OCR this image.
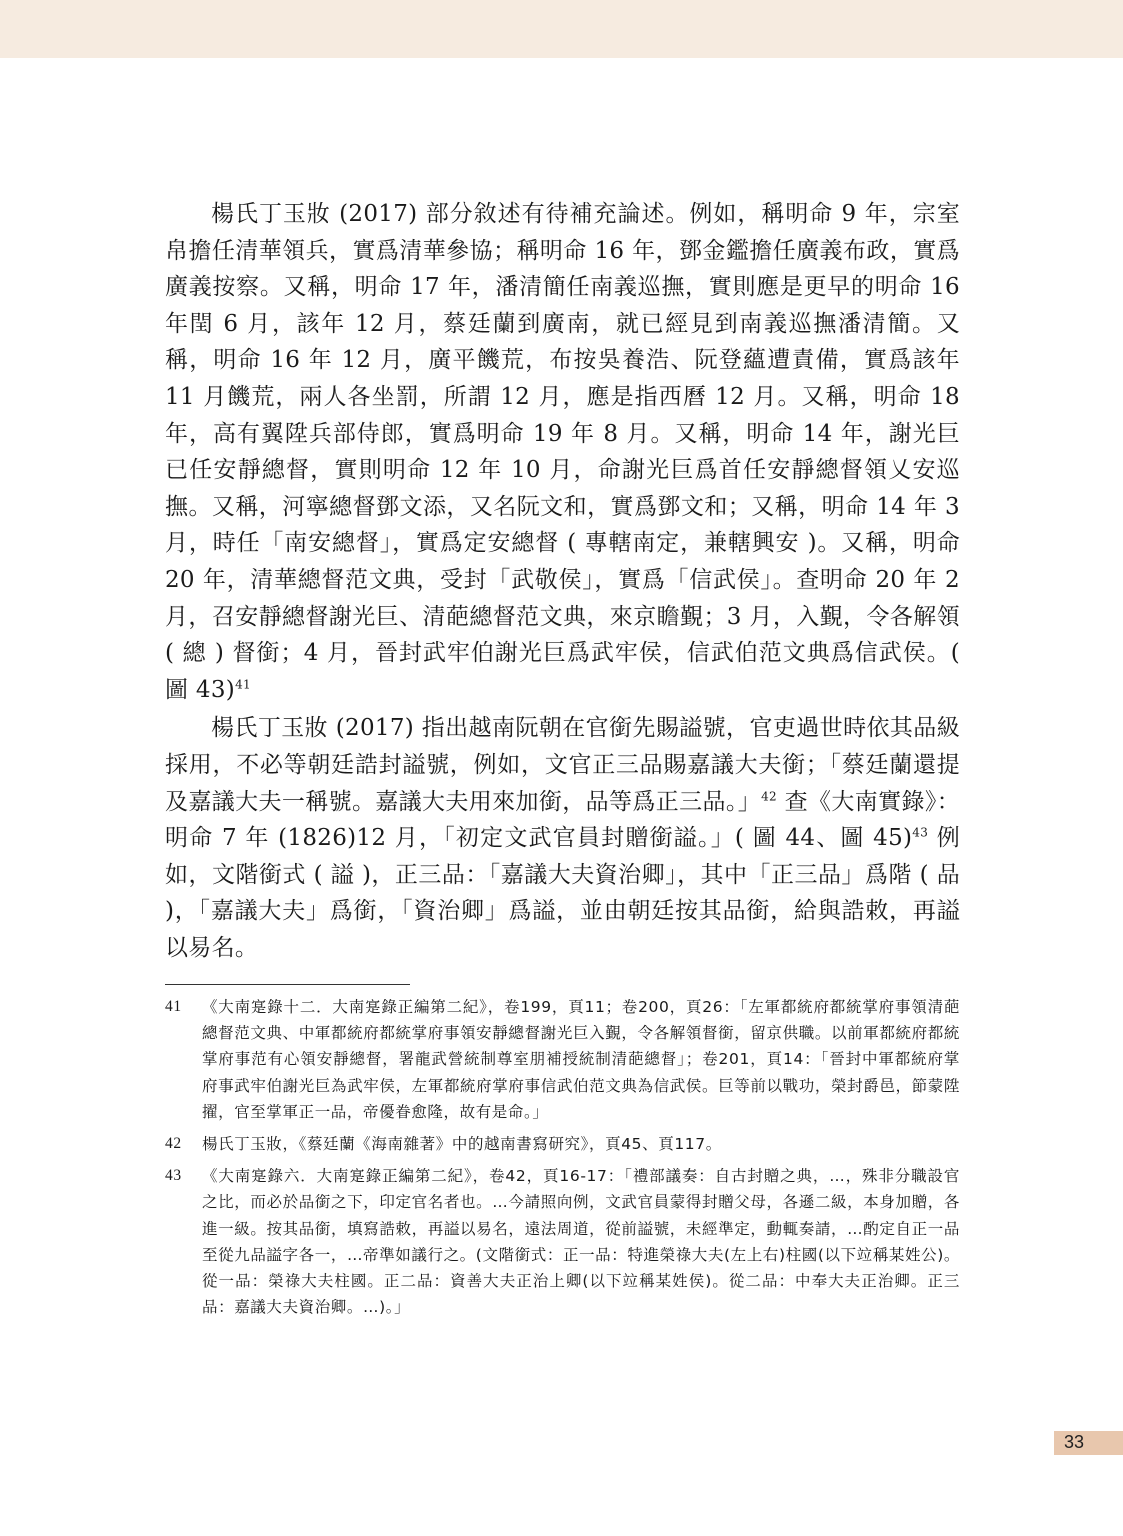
楊氏丁玉妝 (2017) 部分敘述有待補充論述。例如，稱明命 9 年，宗室帛擔任清華領兵，實爲清華參協；稱明命 16 年，鄧金鑑擔任廣義布政，實爲廣義按察。又稱，明命 17 年，潘清簡任南義巡撫，實則應是更早的明命 16 年閏 6 月，該年 12 月，蔡廷蘭到廣南，就已經見到南義巡撫潘清簡。又稱，明命 16 年 12 月，廣平饑荒，布按吳養浩、阮登蘊遭責備，實爲該年 11 月饑荒，兩人各坐罰，所謂 12 月，應是指西曆 12 月。又稱，明命 18 年，高有翼陞兵部侍郎，實爲明命 19 年 8 月。又稱，明命 14 年，謝光巨已任安靜總督，實則明命 12 年 10 月，命謝光巨爲首任安靜總督領乂安巡撫。又稱，河寧總督鄧文添，又名阮文和，實爲鄧文和；又稱，明命 14 年 3 月，時任「南安總督」，實爲定安總督 ( 專轄南定，兼轄興安 )。又稱，明命 20 年，清華總督范文典，受封「武敬侯」，實爲「信武侯」。查明命 20 年 2 月，召安靜總督謝光巨、清葩總督范文典，來京瞻覲；3 月，入覲，令各解領 ( 總 ) 督銜；4 月，晉封武牢伯謝光巨爲武牢侯，信武伯范文典爲信武侯。( 圖 43)$^{41}$

楊氏丁玉妝 (2017) 指出越南阮朝在官銜先賜謚號，官吏過世時依其品級採用，不必等朝廷誥封謚號，例如，文官正三品賜嘉議大夫銜；「蔡廷蘭還提及嘉議大夫一稱號。嘉議大夫用來加銜，品等爲正三品。」$^{42}$ 查《大南實錄》：明命 7 年 (1826)12 月，「初定文武官員封贈銜謚。」( 圖 44、圖 45)$^{43}$ 例如，文階銜式 ( 謚 )，正三品：「嘉議大夫資治卿」，其中「正三品」爲階 ( 品 )，「嘉議大夫」爲銜，「資治卿」爲謚，並由朝廷按其品銜，給與誥敕，再謚以易名。

41 《大南寔錄十二．大南寔錄正編第二紀》，卷199，頁11；卷200，頁26：「左軍都統府都統掌府事領清葩總督范文典、中軍都統府都統掌府事領安靜總督謝光巨入覲，令各解領督銜，留京供職。以前軍都統府都統掌府事范有心領安靜總督，署龍武營統制尊室朋補授統制清葩總督」；卷201，頁14：「晉封中軍都統府掌府事武牢伯謝光巨為武牢侯，左軍都統府掌府事信武伯范文典為信武侯。巨等前以戰功，榮封爵邑，節蒙陞擢，官至掌軍正一品，帝優眷愈隆，故有是命。」
42 楊氏丁玉妝，《蔡廷蘭《海南雜著》中的越南書寫研究》，頁45、頁117。
43 《大南寔錄六．大南寔錄正編第二紀》，卷42，頁16-17：「禮部議奏：自古封贈之典，…，殊非分職設官之比，而必於品銜之下，印定官名者也。…今請照向例，文武官員蒙得封贈父母，各遜二級，本身加贈，各進一級。按其品銜，填寫誥敕，再謚以易名，遠法周道，從前謚號，未經準定，動輒奏請，…酌定自正一品至從九品謚字各一，…帝準如議行之。(文階銜式：正一品：特進榮祿大夫(左上右)柱國(以下竝稱某姓公)。從一品：榮祿大夫柱國。正二品：資善大夫正治上卿(以下竝稱某姓侯)。從二品：中奉大夫正治卿。正三品：嘉議大夫資治卿。…)。」
33
